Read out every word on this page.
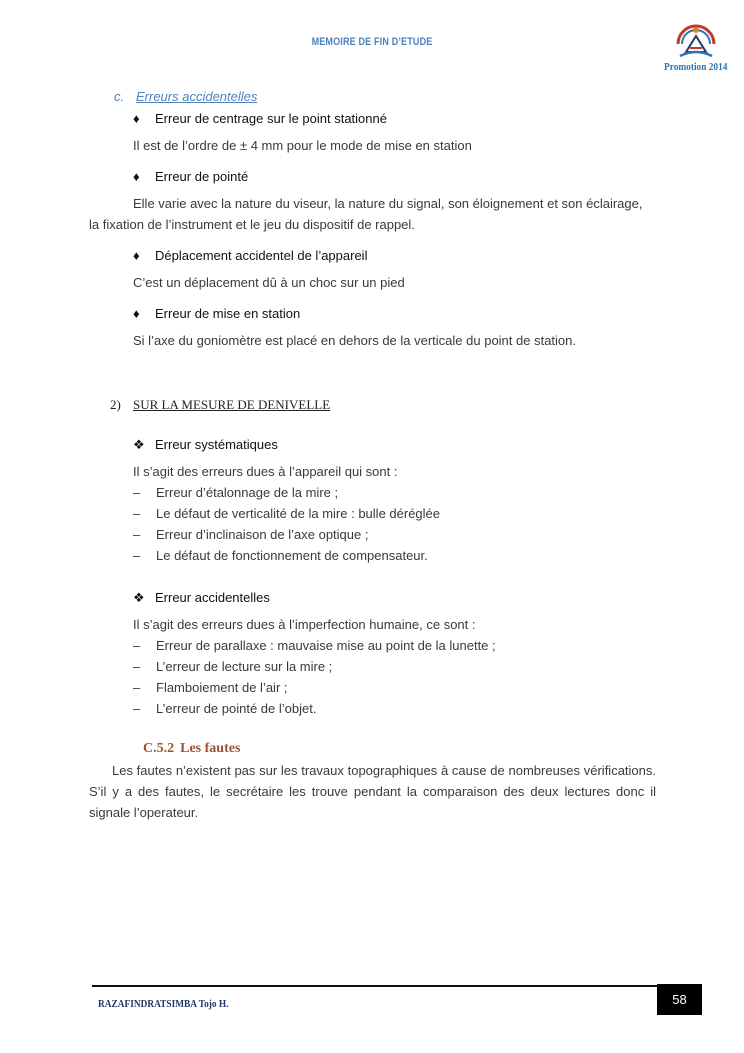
MEMOIRE DE FIN D’ETUDE
Promotion 2014
c. Erreurs accidentelles
♦ Erreur de centrage sur le point stationné
Il est de l’ordre de ± 4 mm pour le mode de mise en station
♦ Erreur de pointé
Elle varie avec la nature du viseur, la nature du signal, son éloignement et son éclairage,
la fixation de l’instrument et le jeu du dispositif de rappel.
♦ Déplacement accidentel de l’appareil
C’est un déplacement dû à un choc sur un pied
♦ Erreur de mise en station
Si l’axe du goniomètre est placé en dehors de la verticale du point de station.
2) SUR LA MESURE DE DENIVELLE
❖ Erreur systématiques
Il s’agit des erreurs dues à l’appareil qui sont :
– Erreur d’étalonnage de la mire ;
– Le défaut de verticalité de la mire : bulle déréglée
– Erreur d’inclinaison de l’axe optique ;
– Le défaut de fonctionnement de compensateur.
❖ Erreur accidentelles
Il s’agit des erreurs dues à l’imperfection humaine, ce sont :
– Erreur de parallaxe : mauvaise mise au point de la lunette ;
– L’erreur de lecture sur la mire ;
– Flamboiement de l’air ;
– L’erreur de pointé de l’objet.
C.5.2 Les fautes
Les fautes n’existent pas sur les travaux topographiques à cause de nombreuses vérifications. S’il y a des fautes, le secrétaire les trouve pendant la comparaison des deux lectures donc il signale l’operateur.
RAZAFINDRATSIMBA Tojo H.	58
